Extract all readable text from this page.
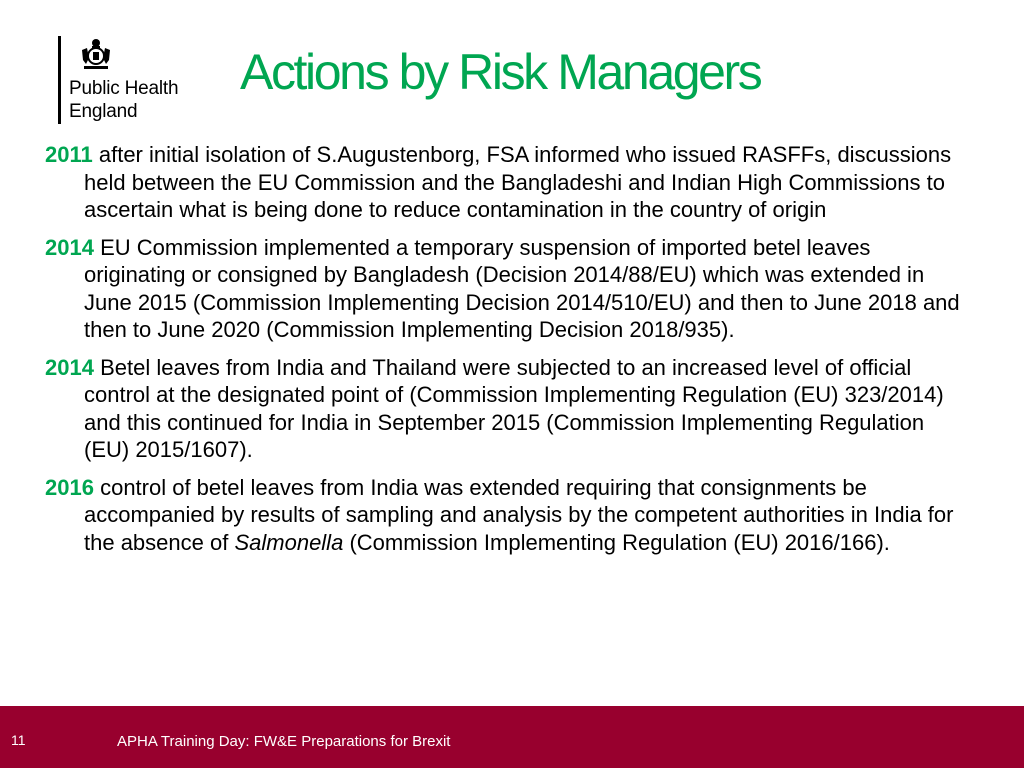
Public Health
England
Actions by Risk Managers

2011 after initial isolation of S.Augustenborg, FSA informed who issued RASFFs, discussions held between the EU Commission and the Bangladeshi and Indian High Commissions to ascertain what is being done to reduce contamination in the country of origin

2014 EU Commission implemented a temporary suspension of imported betel leaves originating or consigned by Bangladesh (Decision 2014/88/EU) which was extended in June 2015 (Commission Implementing Decision 2014/510/EU) and then to June 2018 and then to June 2020 (Commission Implementing Decision 2018/935).

2014 Betel leaves from India and Thailand were subjected to an increased level of official control at the designated point of (Commission Implementing Regulation (EU) 323/2014) and this continued for India in September 2015 (Commission Implementing Regulation (EU) 2015/1607).

2016 control of betel leaves from India was extended requiring that consignments be accompanied by results of sampling and analysis by the competent authorities in India for the absence of Salmonella (Commission Implementing Regulation (EU) 2016/166).

11	APHA Training Day: FW&E Preparations for Brexit
